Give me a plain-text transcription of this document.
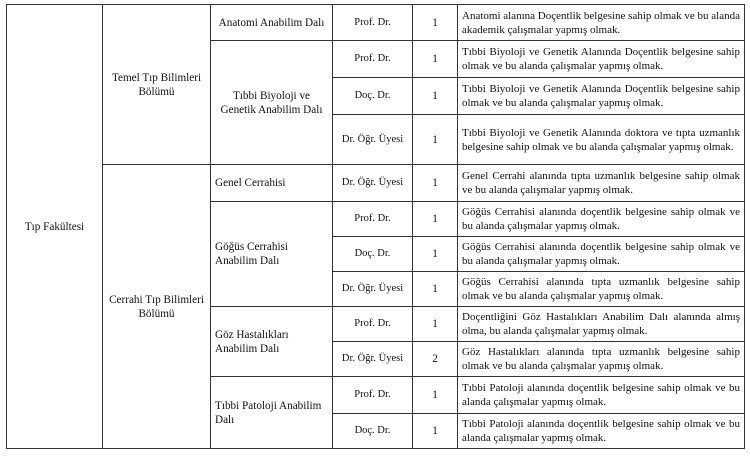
Tıp Fakültesi	Temel Tıp Bilimleri Bölümü	Anatomi Anabilim Dalı	Prof. Dr.	1	Anatomi alanına Doçentlik belgesine sahip olmak ve bu alanda akademik çalışmalar yapmış olmak.
		Tıbbi Biyoloji ve Genetik Anabilim Dalı	Prof. Dr.	1	Tıbbi Biyoloji ve Genetik Alanında Doçentlik belgesine sahip olmak ve bu alanda çalışmalar yapmış olmak.
			Doç. Dr.	1	Tıbbi Biyoloji ve Genetik Alanında Doçentlik belgesine sahip olmak ve bu alanda çalışmalar yapmış olmak.
			Dr. Öğr. Üyesi	1	Tıbbi Biyoloji ve Genetik Alanında doktora ve tıpta uzmanlık belgesine sahip olmak ve bu alanda çalışmalar yapmış olmak.
	Cerrahi Tıp Bilimleri Bölümü	Genel Cerrahisi	Dr. Öğr. Üyesi	1	Genel Cerrahi alanında tıpta uzmanlık belgesine sahip olmak ve bu alanda çalışmalar yapmış olmak.
		Göğüs Cerrahisi Anabilim Dalı	Prof. Dr.	1	Göğüs Cerrahisi alanında doçentlik belgesine sahip olmak ve bu alanda çalışmalar yapmış olmak.
			Doç. Dr.	1	Göğüs Cerrahisi alanında doçentlik belgesine sahip olmak ve bu alanda çalışmalar yapmış olmak.
			Dr. Öğr. Üyesi	1	Göğüs Cerrahisi alanında tıpta uzmanlık belgesine sahip olmak ve bu alanda çalışmalar yapmış olmak.
		Göz Hastalıkları Anabilim Dalı	Prof. Dr.	1	Doçentliğini Göz Hastalıkları Anabilim Dalı alanında almış olma, bu alanda çalışmalar yapmış olmak.
			Dr. Öğr. Üyesi	2	Göz Hastalıkları alanında tıpta uzmanlık belgesine sahip olmak ve bu alanda çalışmalar yapmış olmak.
		Tıbbi Patoloji Anabilim Dalı	Prof. Dr.	1	Tıbbi Patoloji alanında doçentlik belgesine sahip olmak ve bu alanda çalışmalar yapmış olmak.
			Doç. Dr.	1	Tıbbi Patoloji alanında doçentlik belgesine sahip olmak ve bu alanda çalışmalar yapmış olmak.
